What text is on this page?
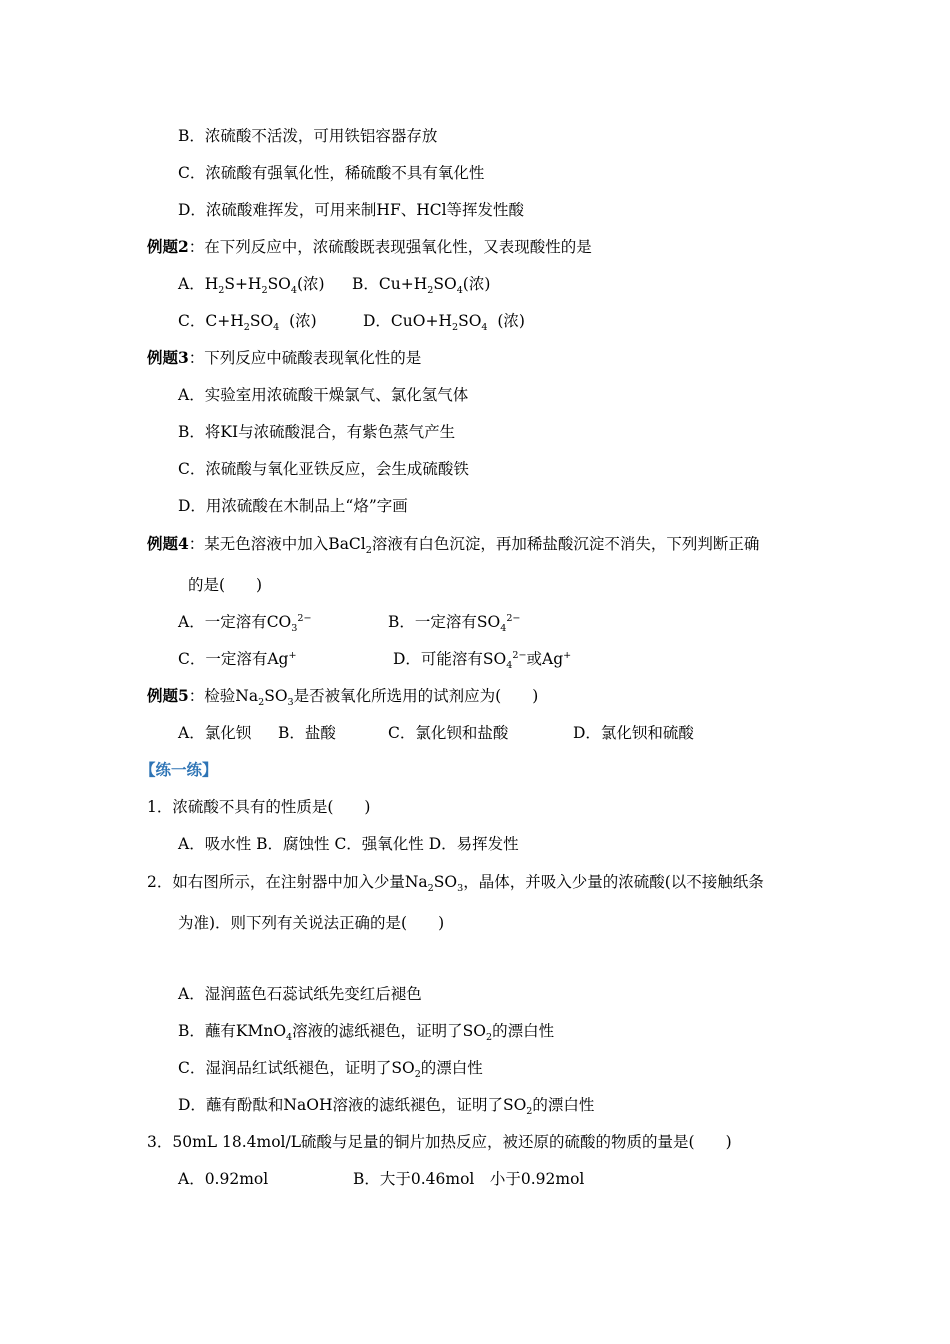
B．浓硫酸不活泼，可用铁铝容器存放
C．浓硫酸有强氧化性，稀硫酸不具有氧化性
D．浓硫酸难挥发，可用来制HF、HCl等挥发性酸
例题2：在下列反应中，浓硫酸既表现强氧化性，又表现酸性的是
A．$H_2S+H_2SO_4$(浓) B．$Cu+H_2SO_4$(浓)
C．$C+H_2SO_4$  (浓)	D．$CuO+H_2SO_4$  (浓)
例题3：下列反应中硫酸表现氧化性的是
A．实验室用浓硫酸干燥氯气、氯化氢气体
B．将KI与浓硫酸混合，有紫色蒸气产生
C．浓硫酸与氧化亚铁反应，会生成硫酸铁
D．用浓硫酸在木制品上“烙”字画
例题4：某无色溶液中加入BaCl$_2$溶液有白色沉淀，再加稀盐酸沉淀不消失，下列判断正确
的是(　　)
A．一定溶有$CO_3^{2-}$	B．一定溶有$SO_4^{2-}$
C．一定溶有Ag+	D．可能溶有$SO_4^{2-}$或Ag+
例题5：检验$Na_2SO_3$是否被氧化所选用的试剂应为(　　)
A．氯化钡 B．盐酸	C．氯化钡和盐酸	D．氯化钡和硫酸
【练一练】
1．浓硫酸不具有的性质是(　　)
A．吸水性 B．腐蚀性 C．强氧化性 D．易挥发性
2．如右图所示，在注射器中加入少量$Na_2SO_3$，晶体，并吸入少量的浓硫酸(以不接触纸条
为准)．则下列有关说法正确的是(　　)
A．湿润蓝色石蕊试纸先变红后褪色
B．蘸有KMnO$_4$溶液的滤纸褪色，证明了$SO_2$的漂白性
C．湿润品红试纸褪色，证明了$SO_2$的漂白性
D．蘸有酚酞和NaOH溶液的滤纸褪色，证明了$SO_2$的漂白性
3．50mL 18.4mol/L硫酸与足量的铜片加热反应，被还原的硫酸的物质的量是(　　)
A．0.92mol	B．大于0.46mol　小于0.92mol
